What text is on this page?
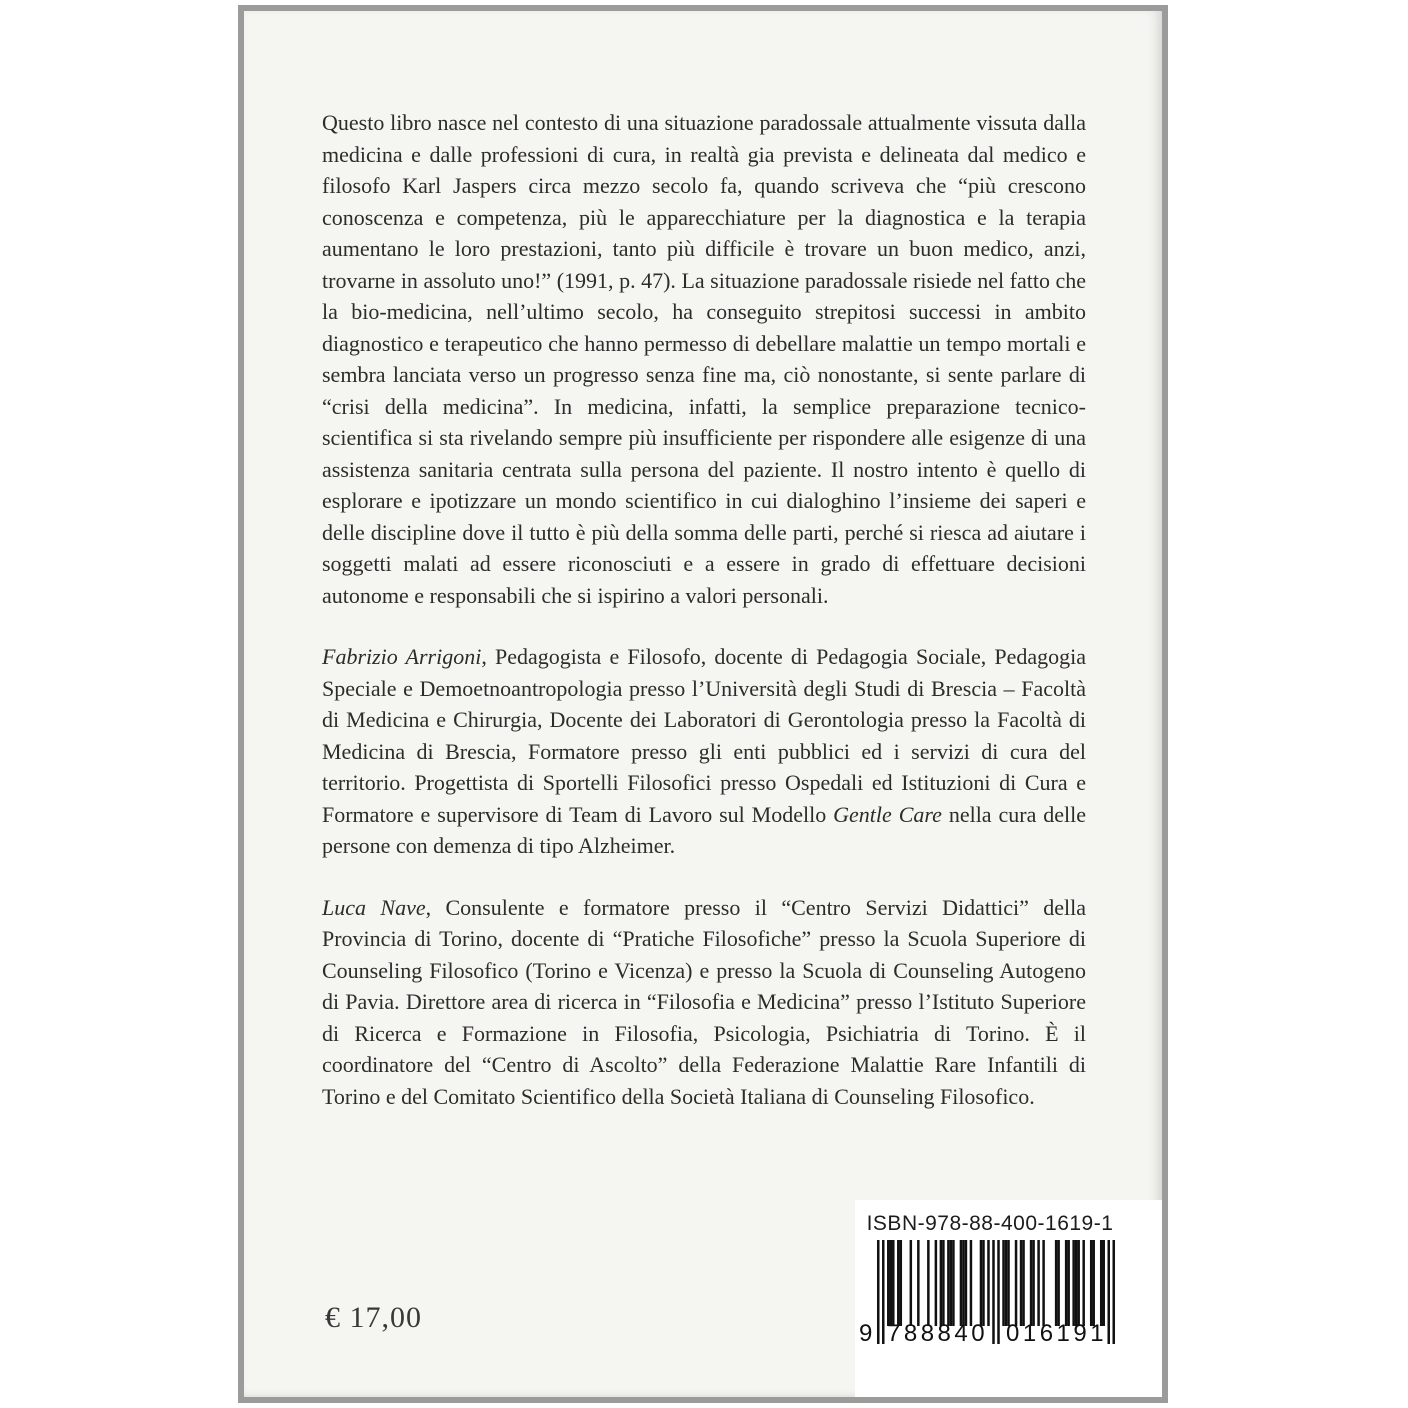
Questo libro nasce nel contesto di una situazione paradossale attualmente vissuta dalla medicina e dalle professioni di cura, in realtà gia prevista e delineata dal medico e filosofo Karl Jaspers circa mezzo secolo fa, quando scriveva che “più crescono conoscenza e competenza, più le apparecchiature per la diagnostica e la terapia aumentano le loro prestazioni, tanto più difficile è trovare un buon medico, anzi, trovarne in assoluto uno!” (1991, p. 47). La situazione paradossale risiede nel fatto che la bio-medicina, nell’ultimo secolo, ha conseguito strepitosi successi in ambito diagnostico e terapeutico che hanno permesso di debellare malattie un tempo mortali e sembra lanciata verso un progresso senza fine ma, ciò nonostante, si sente parlare di “crisi della medicina”. In medicina, infatti, la semplice preparazione tecnico-scientifica si sta rivelando sempre più insufficiente per rispondere alle esigenze di una assistenza sanitaria centrata sulla persona del paziente. Il nostro intento è quello di esplorare e ipotizzare un mondo scientifico in cui dialoghino l’insieme dei saperi e delle discipline dove il tutto è più della somma delle parti, perché si riesca ad aiutare i soggetti malati ad essere riconosciuti e a essere in grado di effettuare decisioni autonome e responsabili che si ispirino a valori personali.

Fabrizio Arrigoni, Pedagogista e Filosofo, docente di Pedagogia Sociale, Pedagogia Speciale e Demoetnoantropologia presso l’Università degli Studi di Brescia – Facoltà di Medicina e Chirurgia, Docente dei Laboratori di Gerontologia presso la Facoltà di Medicina di Brescia, Formatore presso gli enti pubblici ed i servizi di cura del territorio. Progettista di Sportelli Filosofici presso Ospedali ed Istituzioni di Cura e Formatore e supervisore di Team di Lavoro sul Modello Gentle Care nella cura delle persone con demenza di tipo Alzheimer.

Luca Nave, Consulente e formatore presso il “Centro Servizi Didattici” della Provincia di Torino, docente di “Pratiche Filosofiche” presso la Scuola Superiore di Counseling Filosofico (Torino e Vicenza) e presso la Scuola di Counseling Autogeno di Pavia. Direttore area di ricerca in “Filosofia e Medicina” presso l’Istituto Superiore di Ricerca e Formazione in Filosofia, Psicologia, Psichiatria di Torino. È il coordinatore del “Centro di Ascolto” della Federazione Malattie Rare Infantili di Torino e del Comitato Scientifico della Società Italiana di Counseling Filosofico.

€ 17,00
ISBN-978-88-400-1619-1
9 788840 016191
